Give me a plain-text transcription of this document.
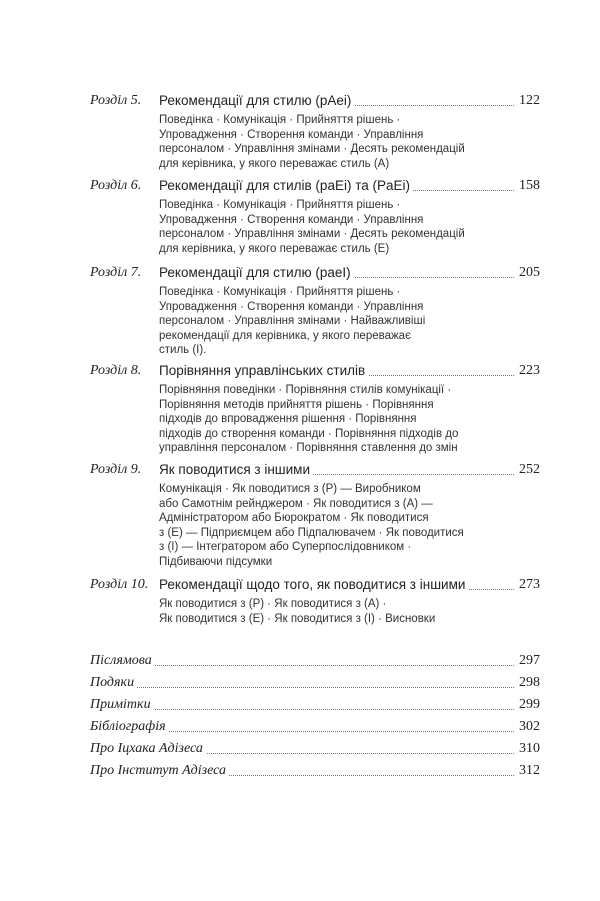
Розділ 5. Рекомендації для стилю (pAei)	122
Поведінка · Комунікація · Прийняття рішень ·
Упровадження · Створення команди · Управління
персоналом · Управління змінами · Десять рекомендацій
для керівника, у якого переважає стиль (A)
Розділ 6. Рекомендації для стилів (paEi) та (PaEi)	158
Поведінка · Комунікація · Прийняття рішень ·
Упровадження · Створення команди · Управління
персоналом · Управління змінами · Десять рекомендацій
для керівника, у якого переважає стиль (E)
Розділ 7. Рекомендації для стилю (paeI)	205
Поведінка · Комунікація · Прийняття рішень ·
Упровадження · Створення команди · Управління
персоналом · Управління змінами · Найважливіші
рекомендації для керівника, у якого переважає
стиль (I).
Розділ 8. Порівняння управлінських стилів	223
Порівняння поведінки · Порівняння стилів комунікації ·
Порівняння методів прийняття рішень · Порівняння
підходів до впровадження рішення · Порівняння
підходів до створення команди · Порівняння підходів до
управління персоналом · Порівняння ставлення до змін
Розділ 9. Як поводитися з іншими	252
Комунікація · Як поводитися з (P) — Виробником
або Самотнім рейнджером · Як поводитися з (A) —
Адміністратором або Бюрократом · Як поводитися
з (E) — Підприємцем або Підпалювачем · Як поводитися
з (I) — Інтегратором або Суперпослідовником ·
Підбиваючи підсумки
Розділ 10. Рекомендації щодо того, як поводитися з іншими	273
Як поводитися з (P) · Як поводитися з (A) ·
Як поводитися з (E) · Як поводитися з (I) · Висновки
Післямова	297
Подяки	298
Примітки	299
Бібліографія	302
Про Іцхака Адізеса	310
Про Інститут Адізеса	312
